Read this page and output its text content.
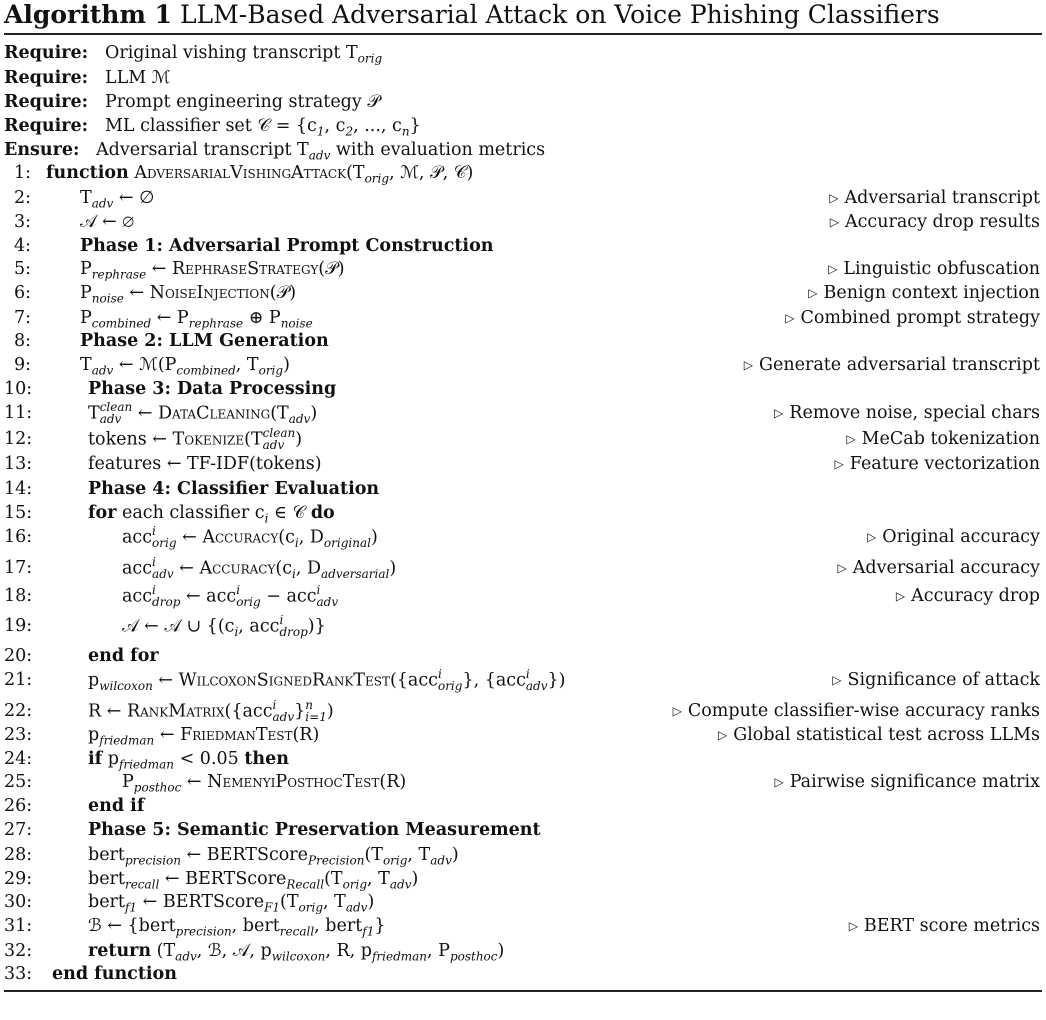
Algorithm 1 LLM-Based Adversarial Attack on Voice Phishing Classifiers
Require: Original vishing transcript $T_{orig}$
Require: LLM ℳ
Require: Prompt engineering strategy 𝒫
Require: ML classifier set 𝒞 = {$c_1$, $c_2$, ..., $c_n$}
Ensure: Adversarial transcript $T_{adv}$ with evaluation metrics
1: function $AdversarialVishingAttack(T_{orig}$, ℳ, 𝒫, 𝒞)
2:	$T_{adv}$ ← ∅	▷ Adversarial transcript
3:	𝒜 ← ∅	▷ Accuracy drop results
4:	Phase 1: Adversarial Prompt Construction
5:	$P_{rephrase}$ ← RephraseStrategy(𝒫)	▷ Linguistic obfuscation
6:	$P_{noise}$ ← NoiseInjection(𝒫)	▷ Benign context injection
7:	$P_{combined}$ ← $P_{rephrase}$ ⊕ $P_{noise}$	▷ Combined prompt strategy
8:	Phase 2: LLM Generation
9:	$T_{adv}$ ← $ℳ(P_{combined}$, $T_{orig}$)	▷ Generate adversarial transcript
10:	Phase 3: Data Processing
11:	Tclean
adv ← $DataCleaning(T_{adv})$	▷ Remove noise, special chars
12:	tokens ← Tokenize(Tclean
adv )	▷ MeCab tokenization
13:	features ← TF-IDF(tokens)	▷ Feature vectorization
14:	Phase 4: Classifier Evaluation
15:	for each classifier $c_i$ ∈ 𝒞 do
16:	acci
orig ← $Accuracy(c_i$, $D_{original}$)	▷ Original accuracy
17:	acci
adv ← $Accuracy(c_i$, $D_{adversarial}$)	▷ Adversarial accuracy
18:	acci
drop ← acci
orig − acci
adv	▷ Accuracy drop
19:	𝒜 ← 𝒜 ∪ {($c_i$, acci
drop)}
20:	end for
21:	$p_{wilcoxon}$ ← WilcoxonSignedRankTest({acci
orig}, {acci
adv})	▷ Significance of attack
22:	R ← RankMatrix({acci
adv}n
i=1)	▷ Compute classifier-wise accuracy ranks
23:	$p_{friedman}$ ← FriedmanTest(R)	▷ Global statistical test across LLMs
24:	if $p_{friedman} < 0.05$ then
25:	$P_{posthoc}$ ← NemenyiPosthocTest(R)	▷ Pairwise significance matrix
26:	end if
27:	Phase 5: Semantic Preservation Measurement
28:	bert$_{precision}$ ← $BERTScore_{Precision}(T_{orig}$, $T_{adv}$)
29:	bert$_{recall}$ ← $BERTScore_{Recall}(T_{orig}$, $T_{adv}$)
30:	bert$_{f1}$ ← $BERTScore_{F1}(T_{orig}$, $T_{adv}$)
31:	ℬ ← {bert$_{precision}$, bert$_{recall}$, bert$_{f1}$}	▷ BERT score metrics
32:	return ($T_{adv}$, ℬ, 𝒜, $p_{wilcoxon}$, R, $p_{friedman}$, $P_{posthoc}$)
33: end function
